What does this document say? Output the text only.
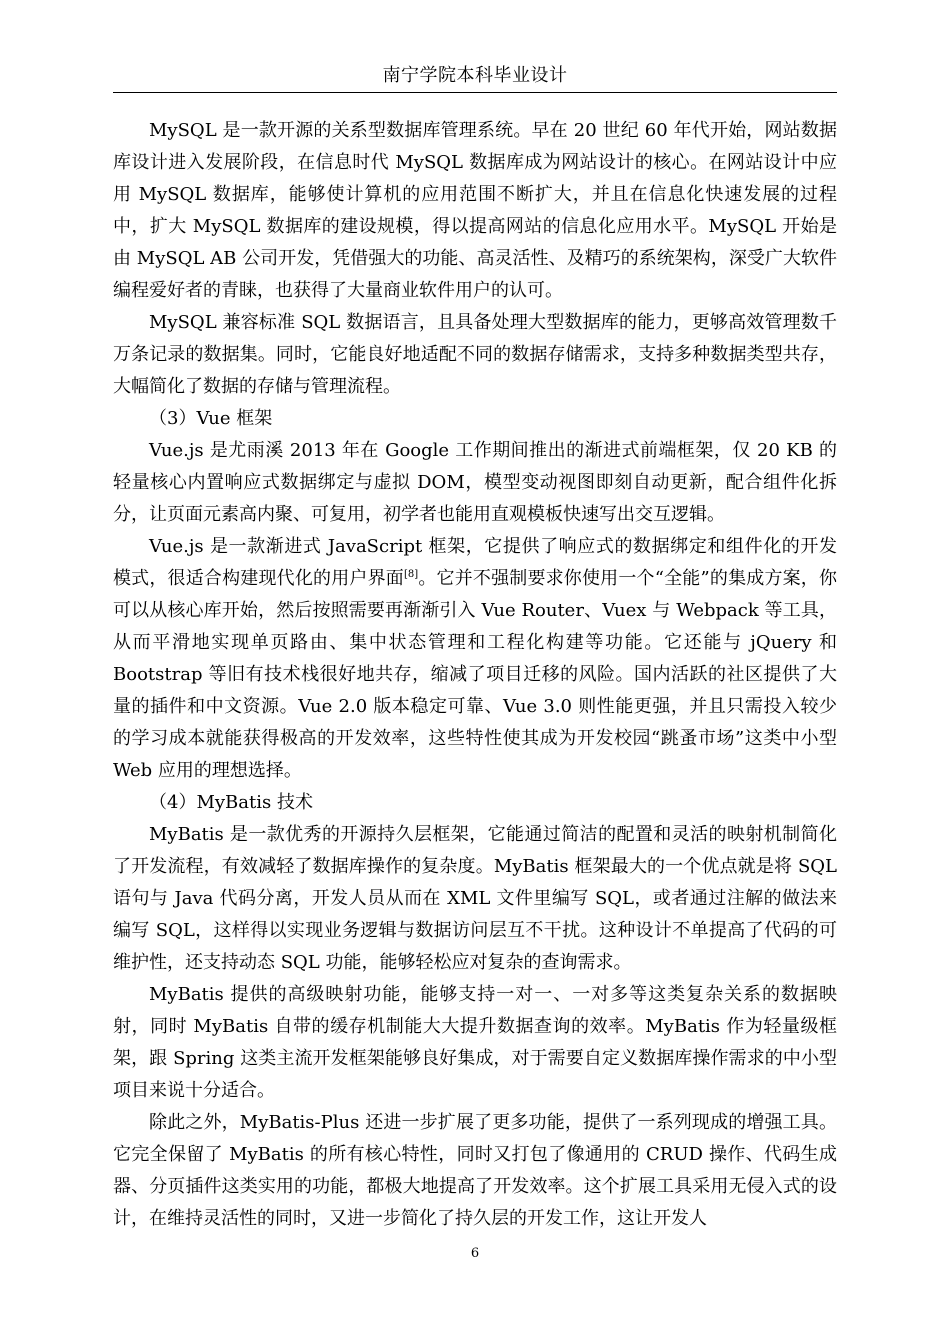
南宁学院本科毕业设计

MySQL 是一款开源的关系型数据库管理系统。早在 20 世纪 60 年代开始，网站数据库设计进入发展阶段，在信息时代 MySQL 数据库成为网站设计的核心。在网站设计中应用 MySQL 数据库，能够使计算机的应用范围不断扩大，并且在信息化快速发展的过程中，扩大 MySQL 数据库的建设规模，得以提高网站的信息化应用水平。MySQL 开始是由 MySQL AB 公司开发，凭借强大的功能、高灵活性、及精巧的系统架构，深受广大软件编程爱好者的青睐，也获得了大量商业软件用户的认可。

MySQL 兼容标准 SQL 数据语言，且具备处理大型数据库的能力，更够高效管理数千万条记录的数据集。同时，它能良好地适配不同的数据存储需求，支持多种数据类型共存，大幅简化了数据的存储与管理流程。

（3）Vue 框架

Vue.js 是尤雨溪 2013 年在 Google 工作期间推出的渐进式前端框架，仅 20 KB 的轻量核心内置响应式数据绑定与虚拟 DOM，模型变动视图即刻自动更新，配合组件化拆分，让页面元素高内聚、可复用，初学者也能用直观模板快速写出交互逻辑。

Vue.js 是一款渐进式 JavaScript 框架，它提供了响应式的数据绑定和组件化的开发模式，很适合构建现代化的用户界面[8]。它并不强制要求你使用一个“全能”的集成方案，你可以从核心库开始，然后按照需要再渐渐引入 Vue Router、Vuex 与 Webpack 等工具，从而平滑地实现单页路由、集中状态管理和工程化构建等功能。它还能与 jQuery 和 Bootstrap 等旧有技术栈很好地共存，缩减了项目迁移的风险。国内活跃的社区提供了大量的插件和中文资源。Vue 2.0 版本稳定可靠、Vue 3.0 则性能更强，并且只需投入较少的学习成本就能获得极高的开发效率，这些特性使其成为开发校园“跳蚤市场”这类中小型 Web 应用的理想选择。

（4）MyBatis 技术

MyBatis 是一款优秀的开源持久层框架，它能通过简洁的配置和灵活的映射机制简化了开发流程，有效减轻了数据库操作的复杂度。MyBatis 框架最大的一个优点就是将 SQL 语句与 Java 代码分离，开发人员从而在 XML 文件里编写 SQL，或者通过注解的做法来编写 SQL，这样得以实现业务逻辑与数据访问层互不干扰。这种设计不单提高了代码的可维护性，还支持动态 SQL 功能，能够轻松应对复杂的查询需求。

MyBatis 提供的高级映射功能，能够支持一对一、一对多等这类复杂关系的数据映射，同时 MyBatis 自带的缓存机制能大大提升数据查询的效率。MyBatis 作为轻量级框架，跟 Spring 这类主流开发框架能够良好集成，对于需要自定义数据库操作需求的中小型项目来说十分适合。

除此之外，MyBatis-Plus 还进一步扩展了更多功能，提供了一系列现成的增强工具。它完全保留了 MyBatis 的所有核心特性，同时又打包了像通用的 CRUD 操作、代码生成器、分页插件这类实用的功能，都极大地提高了开发效率。这个扩展工具采用无侵入式的设计，在维持灵活性的同时，又进一步简化了持久层的开发工作，这让开发人

6
